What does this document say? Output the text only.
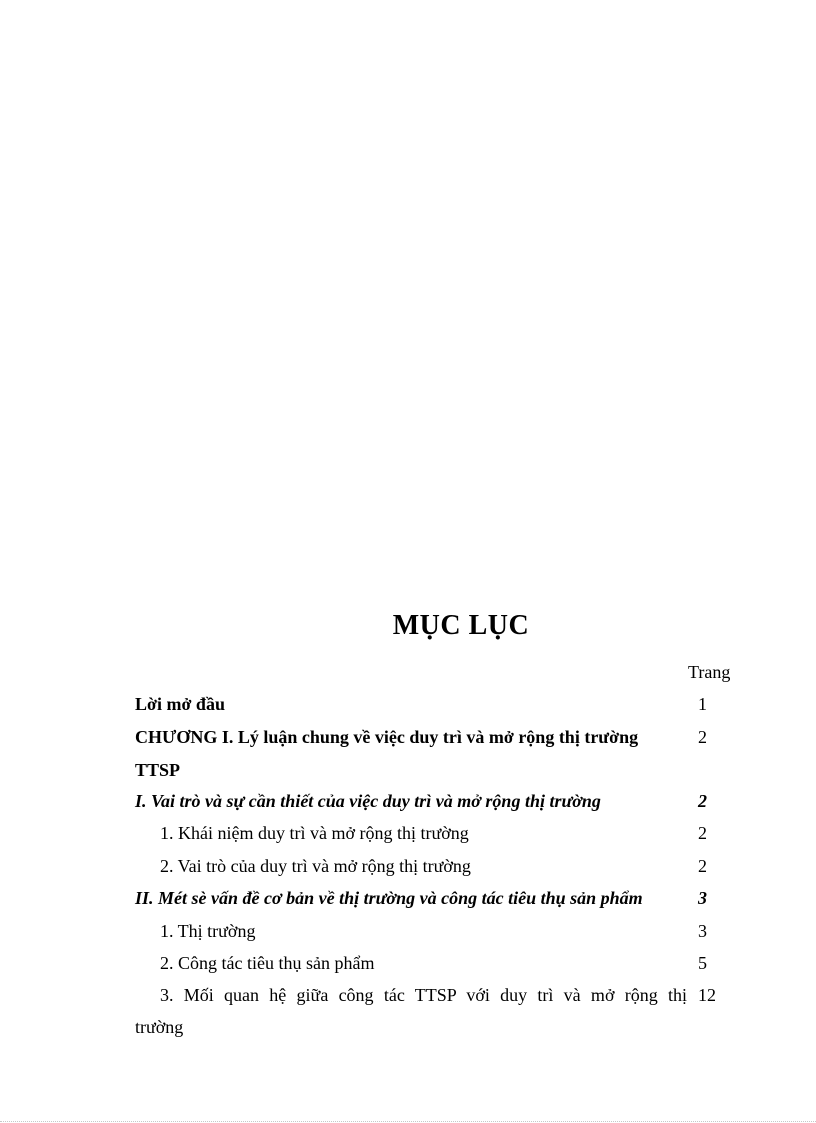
MỤC LỤC
Trang
Lời mở đầu	1
CHƯƠNG I. Lý luận chung về việc duy trì và mở rộng thị trường	2
TTSP
I. Vai trò và sự cần thiết của việc duy trì và mở rộng thị trường	2
1. Khái niệm duy trì và mở rộng thị trường	2
2. Vai trò của duy trì và mở rộng thị trường	2
II. Mét sè vấn đề cơ bản về thị trường và công tác tiêu thụ sản phẩm	3
1. Thị trường	3
2. Công tác tiêu thụ sản phẩm	5
3. Mối quan hệ giữa công tác TTSP với duy trì và mở rộng thị 12
trường
